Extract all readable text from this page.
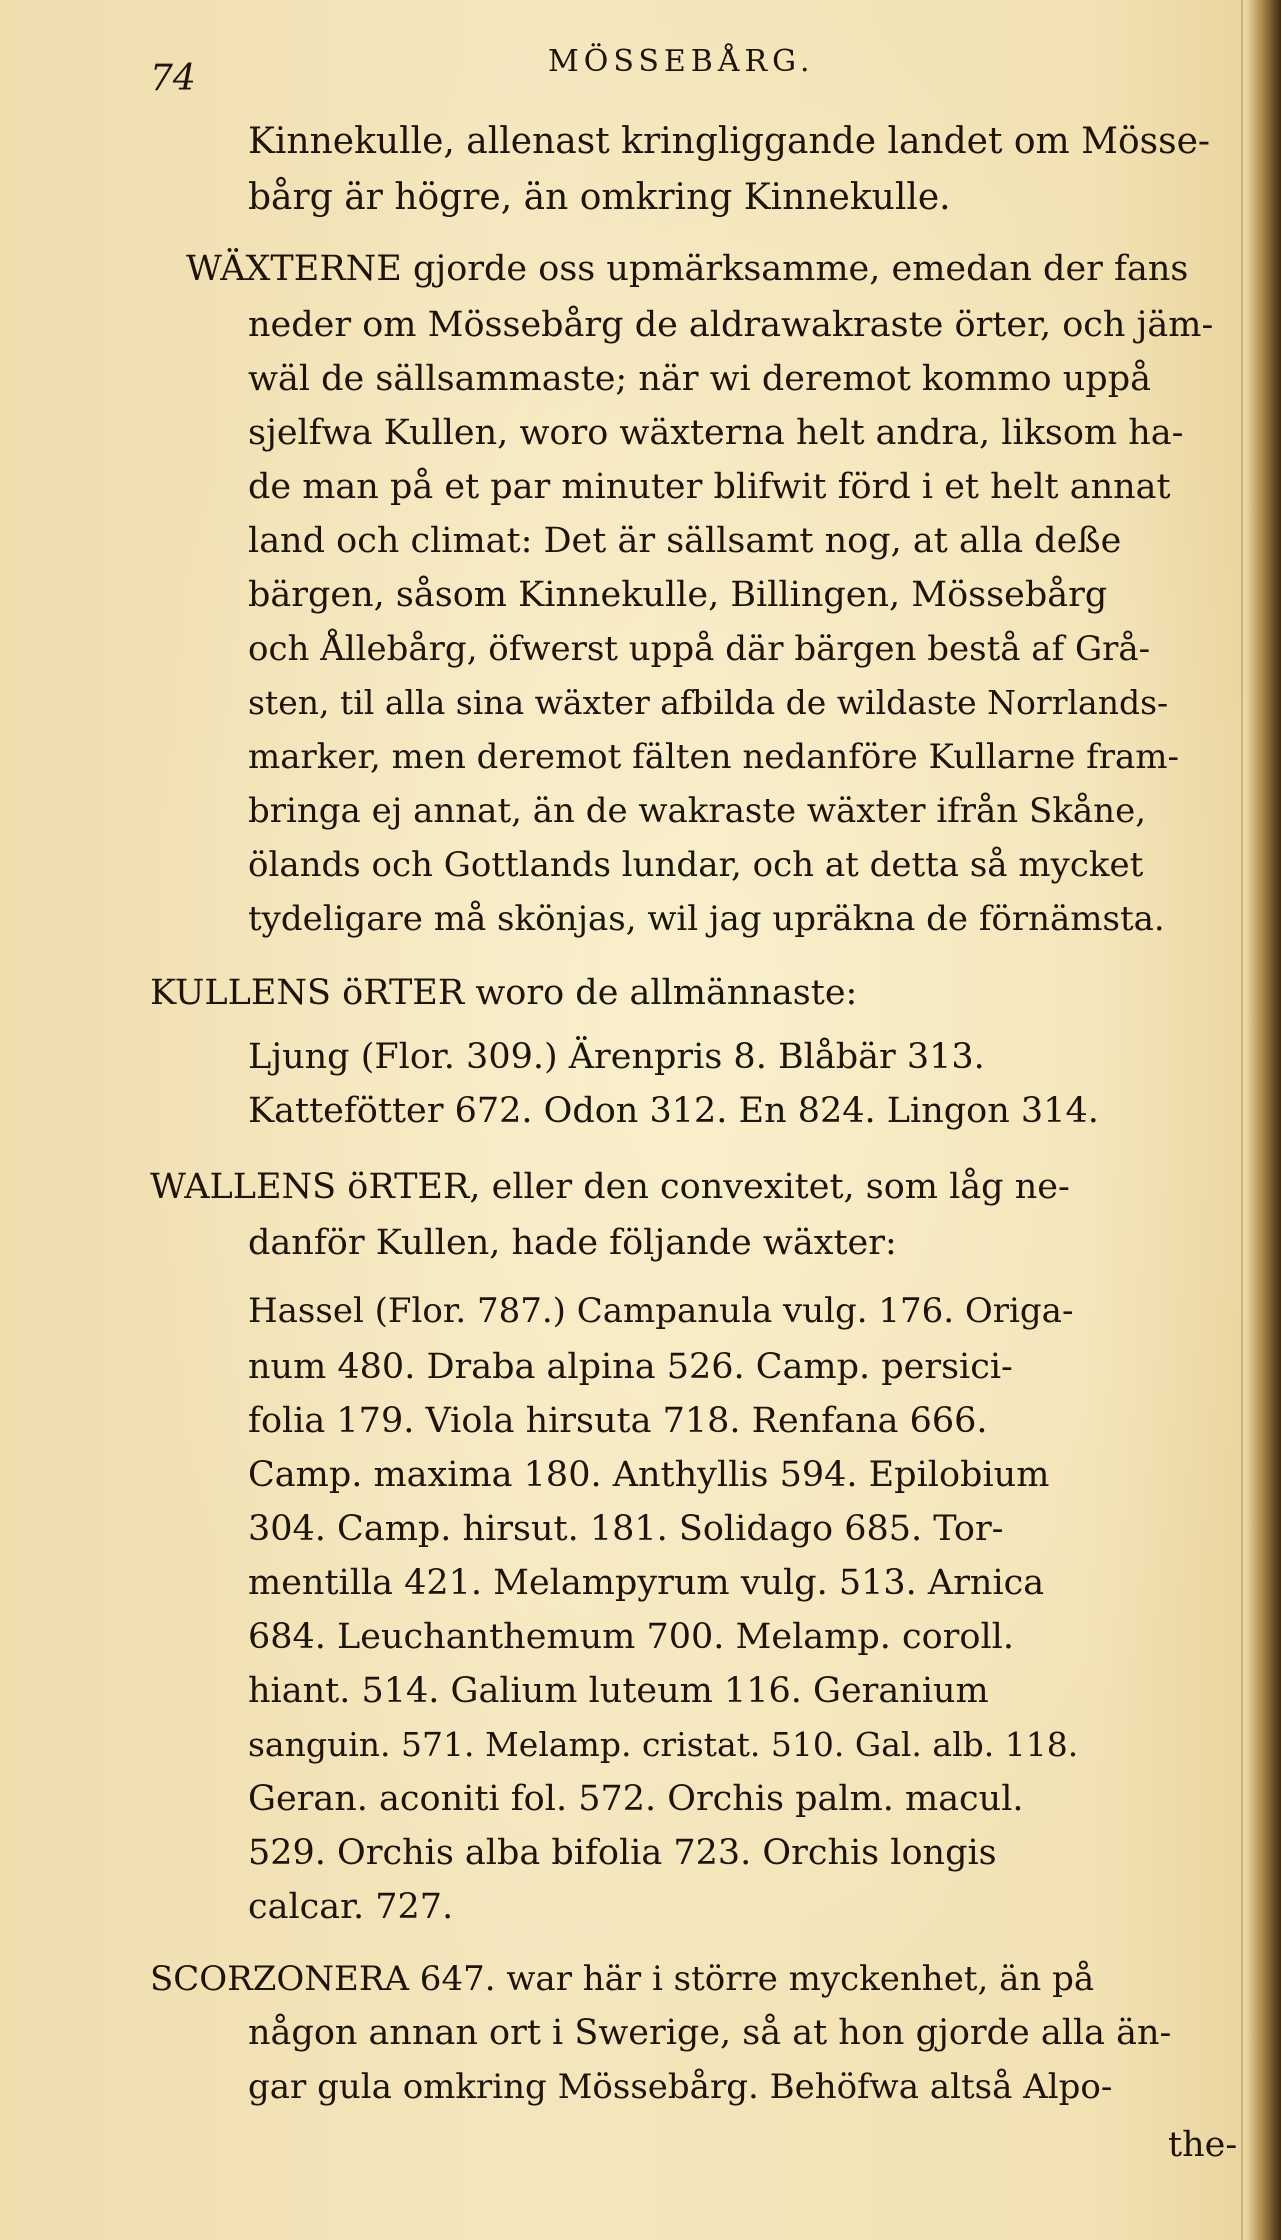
74	MÖSSEBÅRG.
Kinnekulle, allenast kringliggande landet om Mösse-
bårg är högre, än omkring Kinnekulle.
WÄXTERNE gjorde oss upmärksamme, emedan der fans
neder om Mössebårg de aldrawakraste örter, och jäm-
wäl de sällsammaste; när wi deremot kommo uppå
sjelfwa Kullen, woro wäxterna helt andra, liksom ha-
de man på et par minuter blifwit förd i et helt annat
land och climat: Det är sällsamt nog, at alla deße
bärgen, såsom Kinnekulle, Billingen, Mössebårg
och Ållebårg, öfwerst uppå där bärgen bestå af Grå-
sten, til alla sina wäxter afbilda de wildaste Norrlands-
marker, men deremot fälten nedanföre Kullarne fram-
bringa ej annat, än de wakraste wäxter ifrån Skåne,
ölands och Gottlands lundar, och at detta så mycket
tydeligare må skönjas, wil jag upräkna de förnämsta.
KULLENS öRTER woro de allmännaste:
Ljung (Flor. 309.) Ärenpris 8. Blåbär 313.
Kattefötter 672. Odon 312. En 824. Lingon 314.
WALLENS öRTER, eller den convexitet, som låg ne-
danför Kullen, hade följande wäxter:
Hassel (Flor. 787.) Campanula vulg. 176. Origa-
num 480. Draba alpina 526. Camp. persici-
folia 179. Viola hirsuta 718. Renfana 666.
Camp. maxima 180. Anthyllis 594. Epilobium
304. Camp. hirsut. 181. Solidago 685. Tor-
mentilla 421. Melampyrum vulg. 513. Arnica
684. Leuchanthemum 700. Melamp. coroll.
hiant. 514. Galium luteum 116. Geranium
sanguin. 571. Melamp. cristat. 510. Gal. alb. 118.
Geran. aconiti fol. 572. Orchis palm. macul.
529. Orchis alba bifolia 723. Orchis longis
calcar. 727.
SCORZONERA 647. war här i större myckenhet, än på
någon annan ort i Swerige, så at hon gjorde alla än-
gar gula omkring Mössebårg. Behöfwa altså Alpo-
the-
